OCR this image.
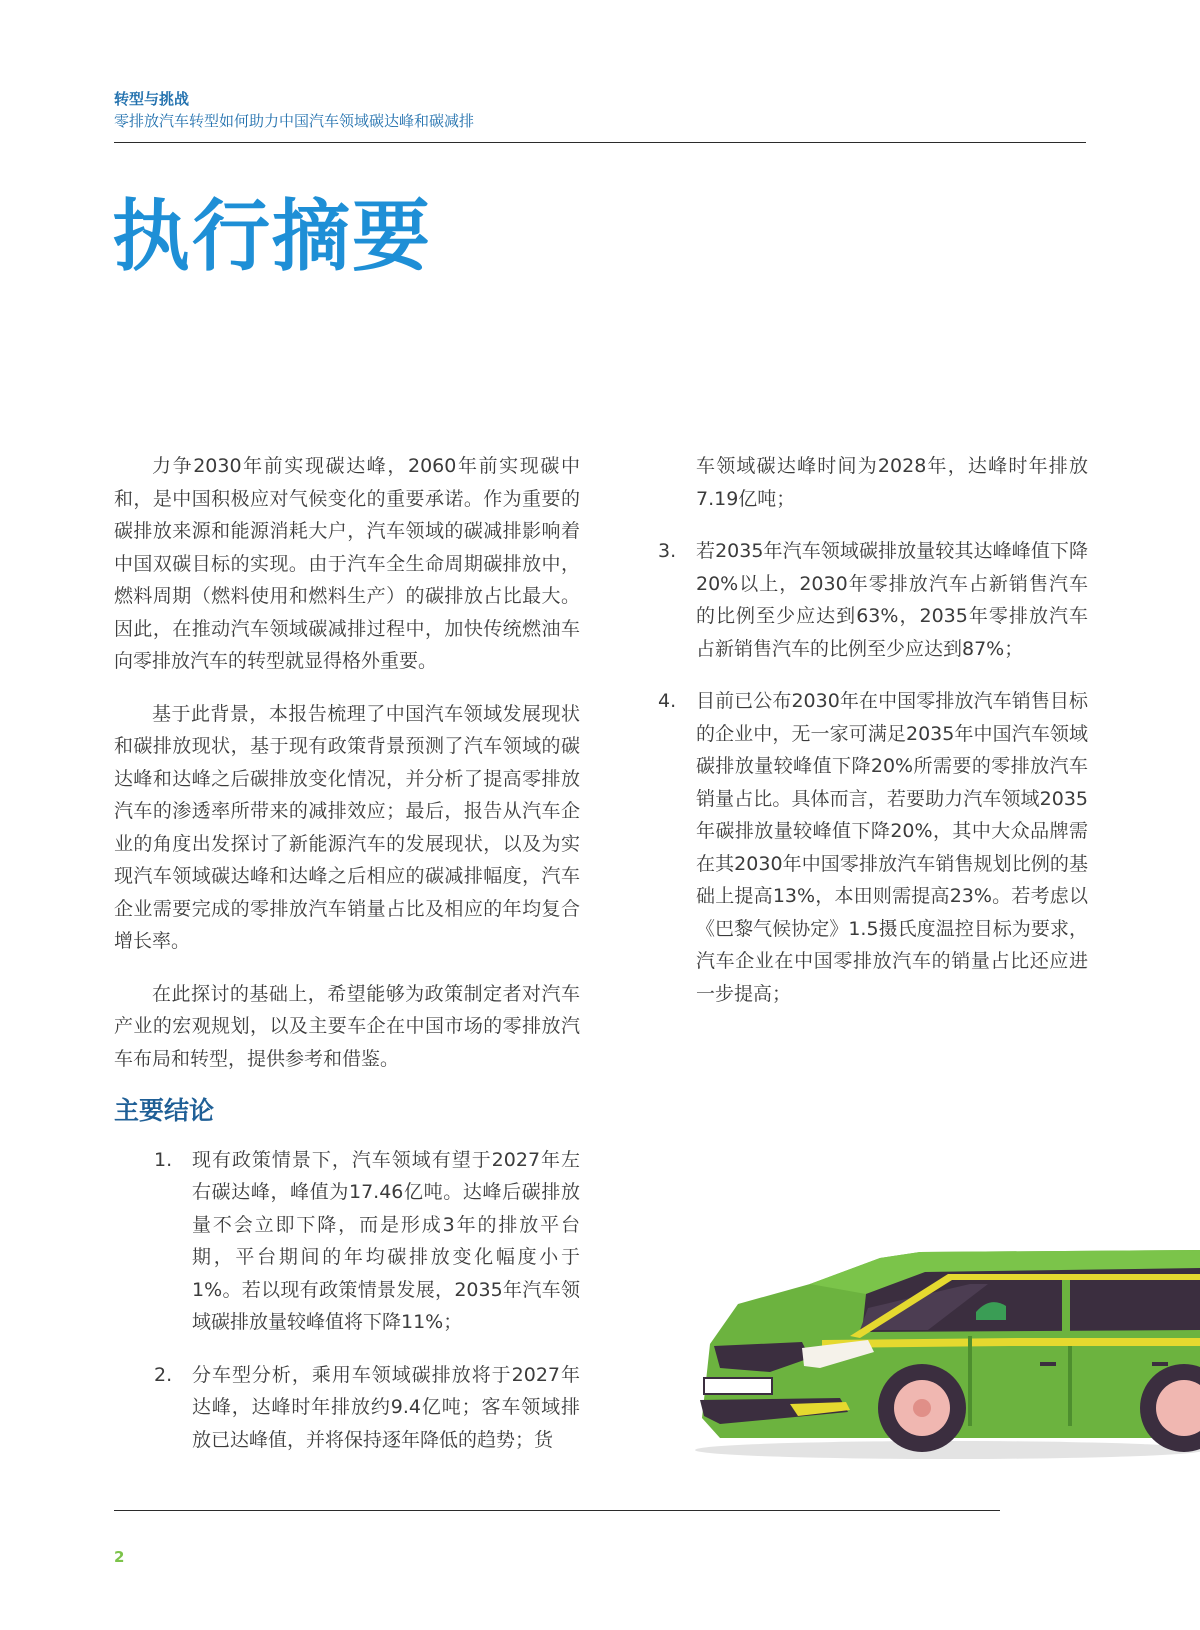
转型与挑战
零排放汽车转型如何助力中国汽车领域碳达峰和碳减排
执行摘要

力争2030年前实现碳达峰，2060年前实现碳中和，是中国积极应对气候变化的重要承诺。作为重要的碳排放来源和能源消耗大户，汽车领域的碳减排影响着中国双碳目标的实现。由于汽车全生命周期碳排放中，燃料周期（燃料使用和燃料生产）的碳排放占比最大。因此，在推动汽车领域碳减排过程中，加快传统燃油车向零排放汽车的转型就显得格外重要。

基于此背景，本报告梳理了中国汽车领域发展现状和碳排放现状，基于现有政策背景预测了汽车领域的碳达峰和达峰之后碳排放变化情况，并分析了提高零排放汽车的渗透率所带来的减排效应；最后，报告从汽车企业的角度出发探讨了新能源汽车的发展现状，以及为实现汽车领域碳达峰和达峰之后相应的碳减排幅度，汽车企业需要完成的零排放汽车销量占比及相应的年均复合增长率。

在此探讨的基础上，希望能够为政策制定者对汽车产业的宏观规划，以及主要车企在中国市场的零排放汽车布局和转型，提供参考和借鉴。

主要结论
1.	现有政策情景下，汽车领域有望于2027年左右碳达峰，峰值为17.46亿吨。达峰后碳排放量不会立即下降，而是形成3年的排放平台期，平台期间的年均碳排放变化幅度小于1%。若以现有政策情景发展，2035年汽车领域碳排放量较峰值将下降11%；
2.	分车型分析，乘用车领域碳排放将于2027年达峰，达峰时年排放约9.4亿吨；客车领域排放已达峰值，并将保持逐年降低的趋势；货

车领域碳达峰时间为2028年，达峰时年排放7.19亿吨；

3.	若2035年汽车领域碳排放量较其达峰峰值下降20%以上，2030年零排放汽车占新销售汽车的比例至少应达到63%，2035年零排放汽车占新销售汽车的比例至少应达到87%；
4.	目前已公布2030年在中国零排放汽车销售目标的企业中，无一家可满足2035年中国汽车领域碳排放量较峰值下降20%所需要的零排放汽车销量占比。具体而言，若要助力汽车领域2035年碳排放量较峰值下降20%，其中大众品牌需在其2030年中国零排放汽车销售规划比例的基础上提高13%，本田则需提高23%。若考虑以《巴黎气候协定》1.5摄氏度温控目标为要求，汽车企业在中国零排放汽车的销量占比还应进一步提高；
2
